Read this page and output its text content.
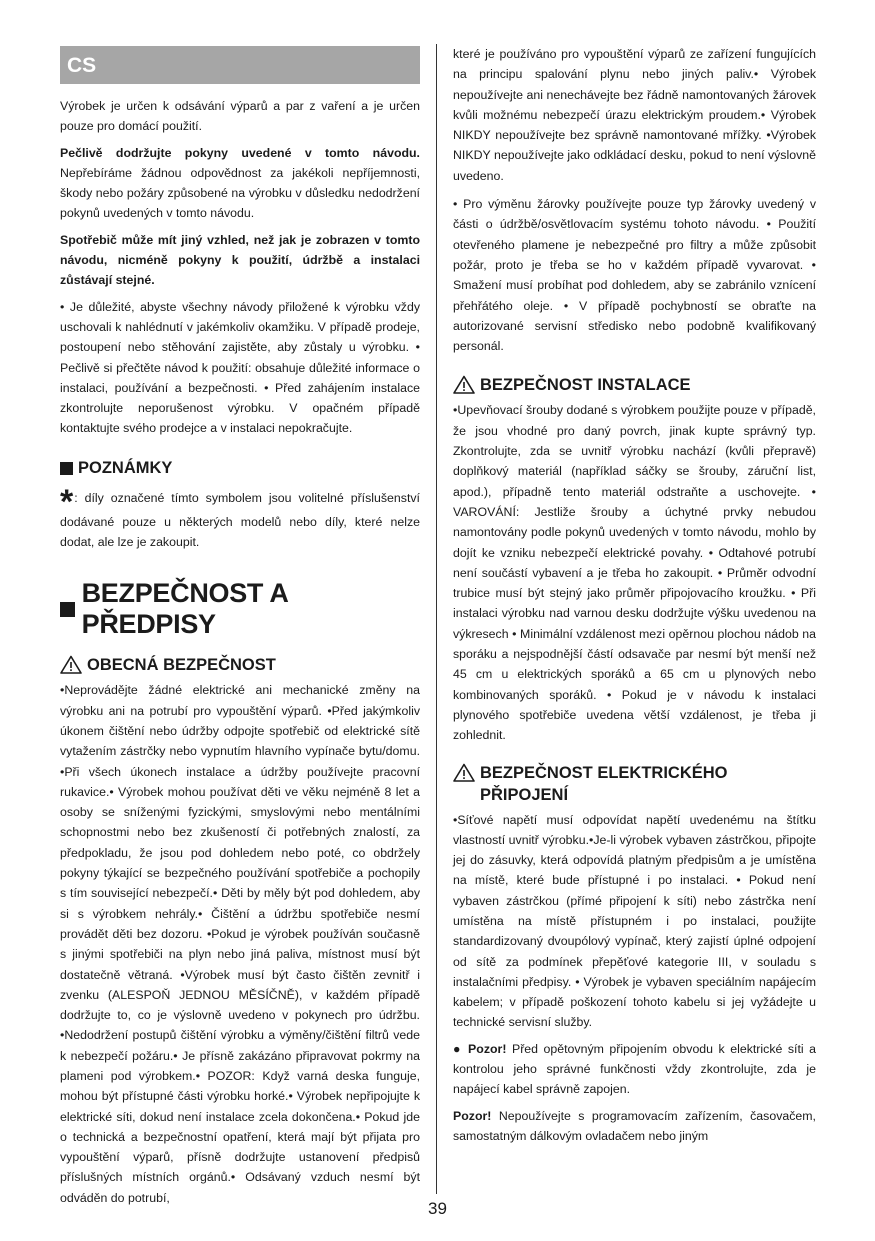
CS

Výrobek je určen k odsávání výparů a par z vaření a je určen pouze pro domácí použití.

Pečlivě dodržujte pokyny uvedené v tomto návodu. Nepřebíráme žádnou odpovědnost za jakékoli nepříjemnosti, škody nebo požáry způsobené na výrobku v důsledku nedodržení pokynů uvedených v tomto návodu.

Spotřebič může mít jiný vzhled, než jak je zobrazen v tomto návodu, nicméně pokyny k použití, údržbě a instalaci zůstávají stejné.

• Je důležité, abyste všechny návody přiložené k výrobku vždy uschovali k nahlédnutí v jakémkoliv okamžiku. V případě prodeje, postoupení nebo stěhování zajistěte, aby zůstaly u výrobku. • Pečlivě si přečtěte návod k použití: obsahuje důležité informace o instalaci, používání a bezpečnosti. • Před zahájením instalace zkontrolujte neporušenost výrobku. V opačném případě kontaktujte svého prodejce a v instalaci nepokračujte.

POZNÁMKY

*: díly označené tímto symbolem jsou volitelné příslušenství dodávané pouze u některých modelů nebo díly, které nelze dodat, ale lze je zakoupit.

BEZPEČNOST A PŘEDPISY
OBECNÁ BEZPEČNOST

•Neprovádějte žádné elektrické ani mechanické změny na výrobku ani na potrubí pro vypouštění výparů. •Před jakýmkoliv úkonem čištění nebo údržby odpojte spotřebič od elektrické sítě vytažením zástrčky nebo vypnutím hlavního vypínače bytu/domu. •Při všech úkonech instalace a údržby používejte pracovní rukavice.• Výrobek mohou používat děti ve věku nejméně 8 let a osoby se sníženými fyzickými, smyslovými nebo mentálními schopnostmi nebo bez zkušeností či potřebných znalostí, za předpokladu, že jsou pod dohledem nebo poté, co obdržely pokyny týkající se bezpečného používání spotřebiče a pochopily s tím související nebezpečí.• Děti by měly být pod dohledem, aby si s výrobkem nehrály.• Čištění a údržbu spotřebiče nesmí provádět děti bez dozoru. •Pokud je výrobek používán současně s jinými spotřebiči na plyn nebo jiná paliva, místnost musí být dostatečně větraná. •Výrobek musí být často čištěn zevnitř i zvenku (ALESPOŇ JEDNOU MĚSÍČNĚ), v každém případě dodržujte to, co je výslovně uvedeno v pokynech pro údržbu. •Nedodržení postupů čištění výrobku a výměny/čištění filtrů vede k nebezpečí požáru.• Je přísně zakázáno připravovat pokrmy na plameni pod výrobkem.• POZOR: Když varná deska funguje, mohou být přístupné části výrobku horké.• Výrobek nepřipojujte k elektrické síti, dokud není instalace zcela dokončena.• Pokud jde o technická a bezpečnostní opatření, která mají být přijata pro vypouštění výparů, přísně dodržujte ustanovení předpisů příslušných místních orgánů.• Odsávaný vzduch nesmí být odváděn do potrubí,

které je používáno pro vypouštění výparů ze zařízení fungujících na principu spalování plynu nebo jiných paliv.• Výrobek nepoužívejte ani nenechávejte bez řádně namontovaných žárovek kvůli možnému nebezpečí úrazu elektrickým proudem.• Výrobek NIKDY nepoužívejte bez správně namontované mřížky. •Výrobek NIKDY nepoužívejte jako odkládací desku, pokud to není výslovně uvedeno.

• Pro výměnu žárovky používejte pouze typ žárovky uvedený v části o údržbě/osvětlovacím systému tohoto návodu. • Použití otevřeného plamene je nebezpečné pro filtry a může způsobit požár, proto je třeba se ho v každém případě vyvarovat. • Smažení musí probíhat pod dohledem, aby se zabránilo vznícení přehřátého oleje. • V případě pochybností se obraťte na autorizované servisní středisko nebo podobně kvalifikovaný personál.

BEZPEČNOST INSTALACE

•Upevňovací šrouby dodané s výrobkem použijte pouze v případě, že jsou vhodné pro daný povrch, jinak kupte správný typ. Zkontrolujte, zda se uvnitř výrobku nachází (kvůli přepravě) doplňkový materiál (například sáčky se šrouby, záruční list, apod.), případně tento materiál odstraňte a uschovejte. • VAROVÁNÍ: Jestliže šrouby a úchytné prvky nebudou namontovány podle pokynů uvedených v tomto návodu, mohlo by dojít ke vzniku nebezpečí elektrické povahy. • Odtahové potrubí není součástí vybavení a je třeba ho zakoupit. • Průměr odvodní trubice musí být stejný jako průměr připojovacího kroužku. • Při instalaci výrobku nad varnou desku dodržujte výšku uvedenou na výkresech • Minimální vzdálenost mezi opěrnou plochou nádob na sporáku a nejspodnější částí odsavače par nesmí být menší než 45 cm u elektrických sporáků a 65 cm u plynových nebo kombinovaných sporáků. • Pokud je v návodu k instalaci plynového spotřebiče uvedena větší vzdálenost, je třeba ji zohlednit.

BEZPEČNOST ELEKTRICKÉHO PŘIPOJENÍ

•Síťové napětí musí odpovídat napětí uvedenému na štítku vlastností uvnitř výrobku.•Je-li výrobek vybaven zástrčkou, připojte jej do zásuvky, která odpovídá platným předpisům a je umístěna na místě, které bude přístupné i po instalaci. • Pokud není vybaven zástrčkou (přímé připojení k síti) nebo zástrčka není umístěna na místě přístupném i po instalaci, použijte standardizovaný dvoupólový vypínač, který zajistí úplné odpojení od sítě za podmínek přepěťové kategorie III, v souladu s instalačními předpisy. • Výrobek je vybaven speciálním napájecím kabelem; v případě poškození tohoto kabelu si jej vyžádejte u technické servisní služby.

● Pozor! Před opětovným připojením obvodu k elektrické síti a kontrolou jeho správné funkčnosti vždy zkontrolujte, zda je napájecí kabel správně zapojen.

Pozor! Nepoužívejte s programovacím zařízením, časovačem, samostatným dálkovým ovladačem nebo jiným

39
